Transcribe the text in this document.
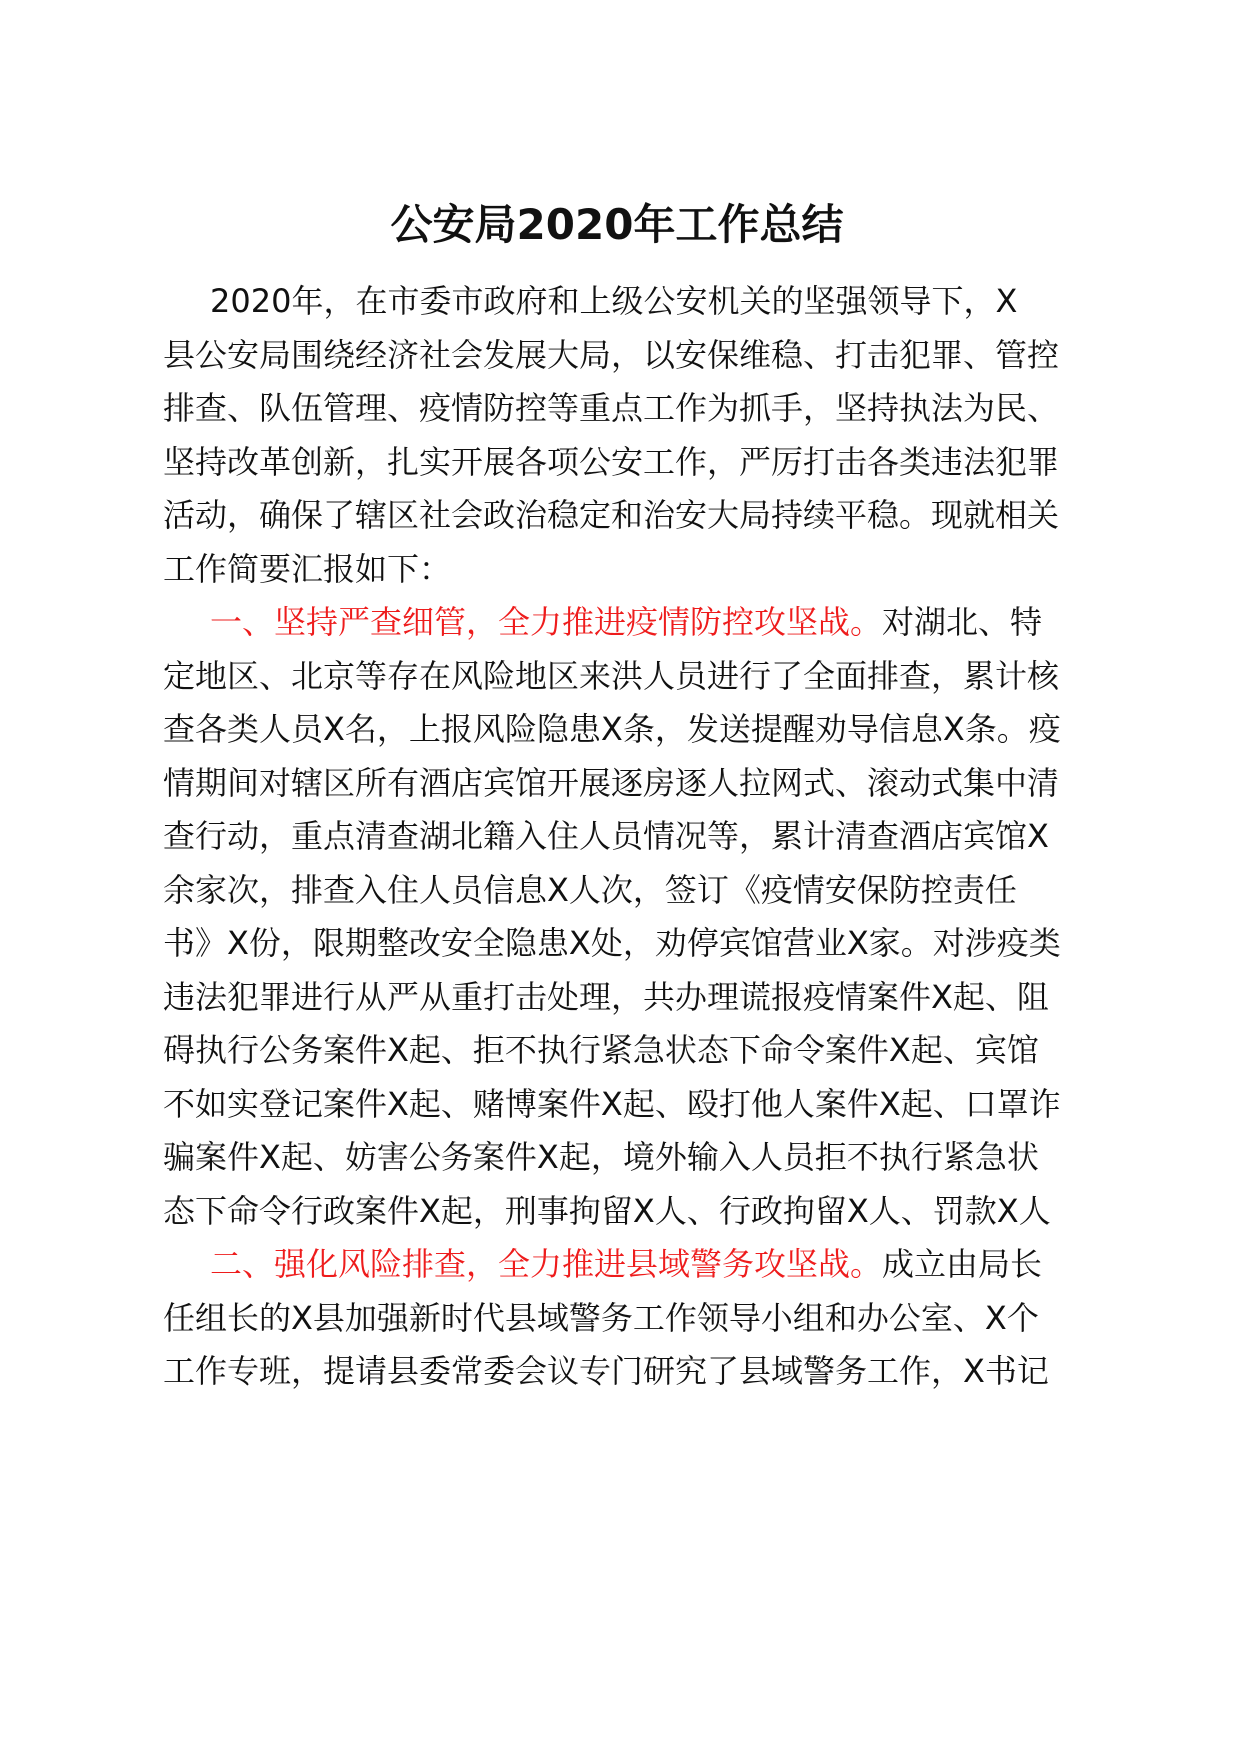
公安局2020年工作总结
2020年，在市委市政府和上级公安机关的坚强领导下，X
县公安局围绕经济社会发展大局，以安保维稳、打击犯罪、管控
排查、队伍管理、疫情防控等重点工作为抓手，坚持执法为民、
坚持改革创新，扎实开展各项公安工作，严厉打击各类违法犯罪
活动，确保了辖区社会政治稳定和治安大局持续平稳。现就相关
工作简要汇报如下：
一、坚持严查细管，全力推进疫情防控攻坚战。对湖北、特
定地区、北京等存在风险地区来洪人员进行了全面排查，累计核
查各类人员X名，上报风险隐患X条，发送提醒劝导信息X条。疫
情期间对辖区所有酒店宾馆开展逐房逐人拉网式、滚动式集中清
查行动，重点清查湖北籍入住人员情况等，累计清查酒店宾馆X
余家次，排查入住人员信息X人次，签订《疫情安保防控责任
书》X份，限期整改安全隐患X处，劝停宾馆营业X家。对涉疫类
违法犯罪进行从严从重打击处理，共办理谎报疫情案件X起、阻
碍执行公务案件X起、拒不执行紧急状态下命令案件X起、宾馆
不如实登记案件X起、赌博案件X起、殴打他人案件X起、口罩诈
骗案件X起、妨害公务案件X起，境外输入人员拒不执行紧急状
态下命令行政案件X起，刑事拘留X人、行政拘留X人、罚款X人
二、强化风险排查，全力推进县域警务攻坚战。成立由局长
任组长的X县加强新时代县域警务工作领导小组和办公室、X个
工作专班，提请县委常委会议专门研究了县域警务工作，X书记
